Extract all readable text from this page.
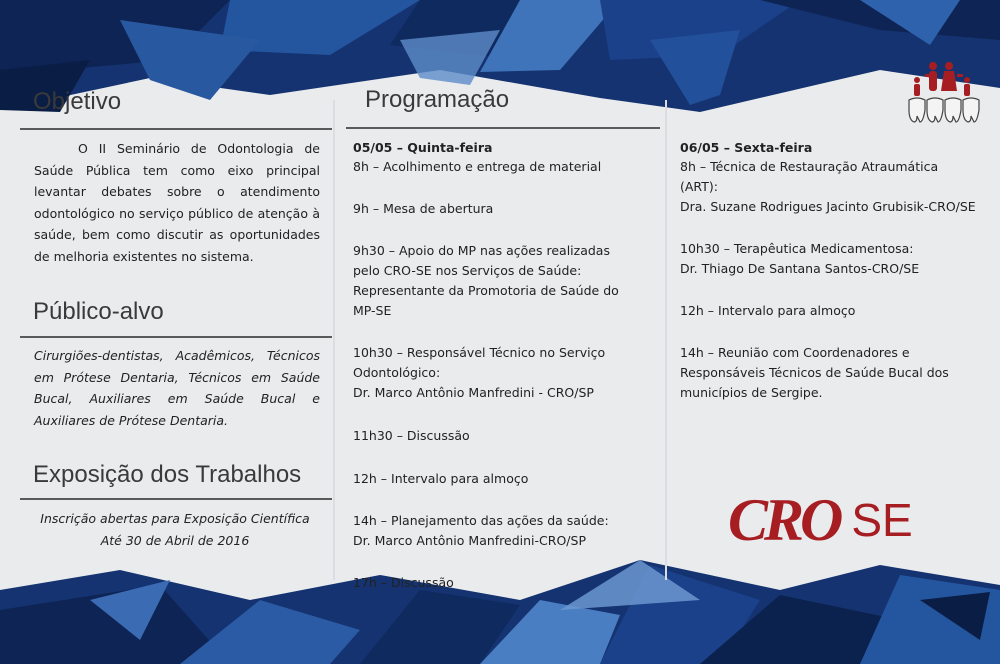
Objetivo
O II Seminário de Odontologia de Saúde Pública tem como eixo principal levantar debates sobre o atendimento odontológico no serviço público de atenção à saúde, bem como discutir as oportunidades de melhoria existentes no sistema.
Público-alvo
Cirurgiões-dentistas, Acadêmicos, Técnicos em Prótese Dentaria, Técnicos em Saúde Bucal, Auxiliares em Saúde Bucal e Auxiliares de Prótese Dentaria.
Exposição dos Trabalhos
Inscrição abertas para Exposição Científica
Até 30 de Abril de 2016
Programação
05/05 – Quinta-feira

8h – Acolhimento e entrega de material

9h – Mesa de abertura

9h30 – Apoio do MP nas ações realizadas
pelo CRO-SE nos Serviços de Saúde:
Representante da Promotoria de Saúde do
MP-SE

10h30 – Responsável Técnico no Serviço
Odontológico:
Dr. Marco Antônio Manfredini - CRO/SP

11h30 – Discussão

12h – Intervalo para almoço

14h – Planejamento das ações da saúde:
Dr. Marco Antônio Manfredini-CRO/SP

17h – Discussão

06/05 – Sexta-feira

8h – Técnica de Restauração Atraumática
(ART):
Dra. Suzane Rodrigues Jacinto Grubisik-CRO/SE

10h30 – Terapêutica Medicamentosa:
Dr. Thiago De Santana Santos-CRO/SE

12h – Intervalo para almoço

14h – Reunião com Coordenadores e
Responsáveis Técnicos de Saúde Bucal dos
municípios de Sergipe.

CRO SE
